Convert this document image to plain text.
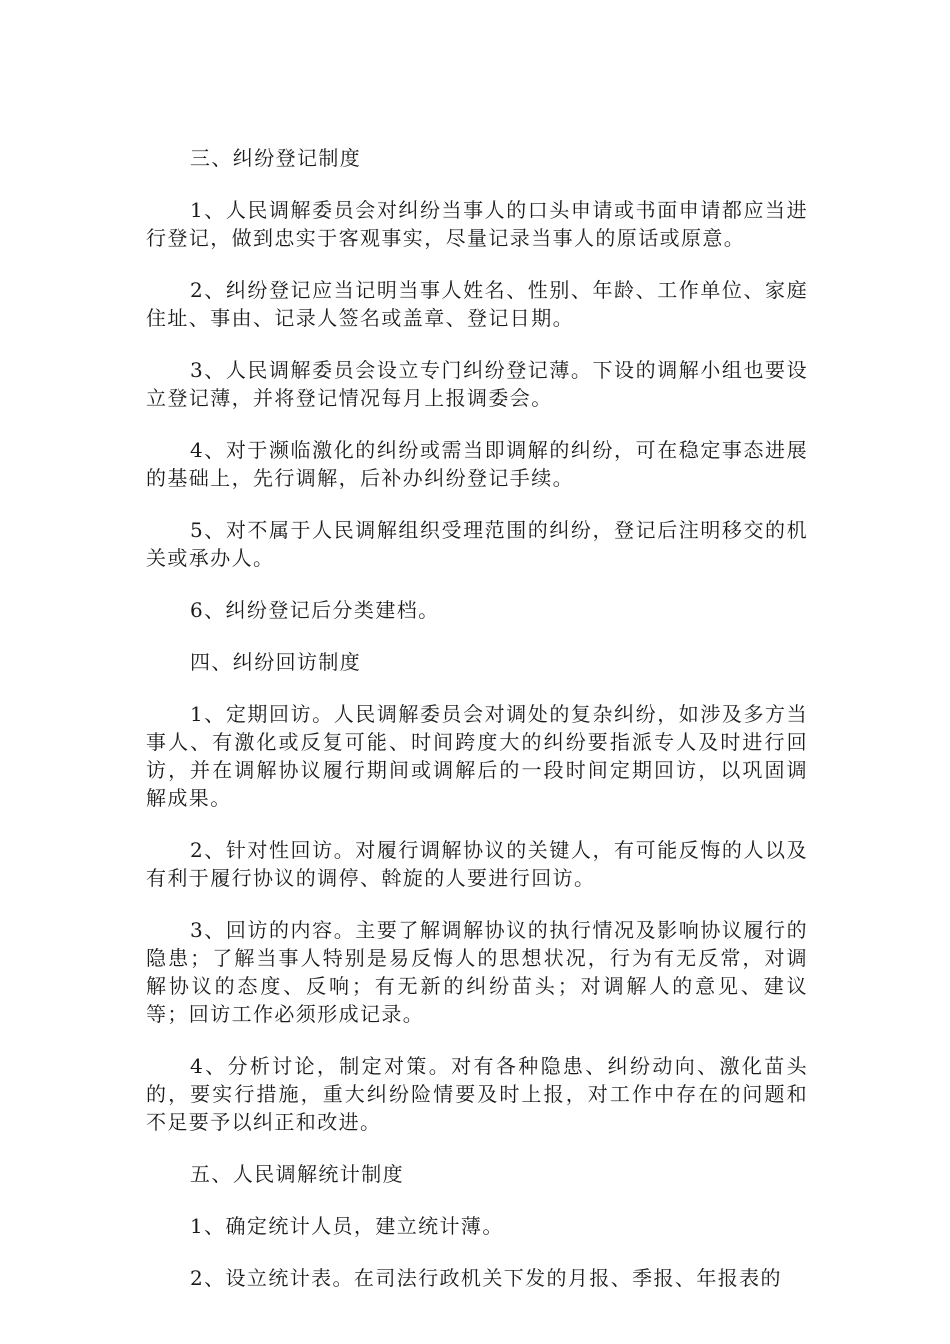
三、纠纷登记制度

1、人民调解委员会对纠纷当事人的口头申请或书面申请都应当进行登记，做到忠实于客观事实，尽量记录当事人的原话或原意。

2、纠纷登记应当记明当事人姓名、性别、年龄、工作单位、家庭住址、事由、记录人签名或盖章、登记日期。

3、人民调解委员会设立专门纠纷登记薄。下设的调解小组也要设立登记薄，并将登记情况每月上报调委会。

4、对于濒临激化的纠纷或需当即调解的纠纷，可在稳定事态进展的基础上，先行调解，后补办纠纷登记手续。

5、对不属于人民调解组织受理范围的纠纷，登记后注明移交的机关或承办人。

6、纠纷登记后分类建档。

四、纠纷回访制度

1、定期回访。人民调解委员会对调处的复杂纠纷，如涉及多方当事人、有激化或反复可能、时间跨度大的纠纷要指派专人及时进行回访，并在调解协议履行期间或调解后的一段时间定期回访，以巩固调解成果。

2、针对性回访。对履行调解协议的关键人，有可能反悔的人以及有利于履行协议的调停、斡旋的人要进行回访。

3、回访的内容。主要了解调解协议的执行情况及影响协议履行的隐患；了解当事人特别是易反悔人的思想状况，行为有无反常，对调解协议的态度、反响；有无新的纠纷苗头；对调解人的意见、建议等；回访工作必须形成记录。

4、分析讨论，制定对策。对有各种隐患、纠纷动向、激化苗头的，要实行措施，重大纠纷险情要及时上报，对工作中存在的问题和不足要予以纠正和改进。

五、人民调解统计制度

1、确定统计人员，建立统计薄。

2、设立统计表。在司法行政机关下发的月报、季报、年报表的
